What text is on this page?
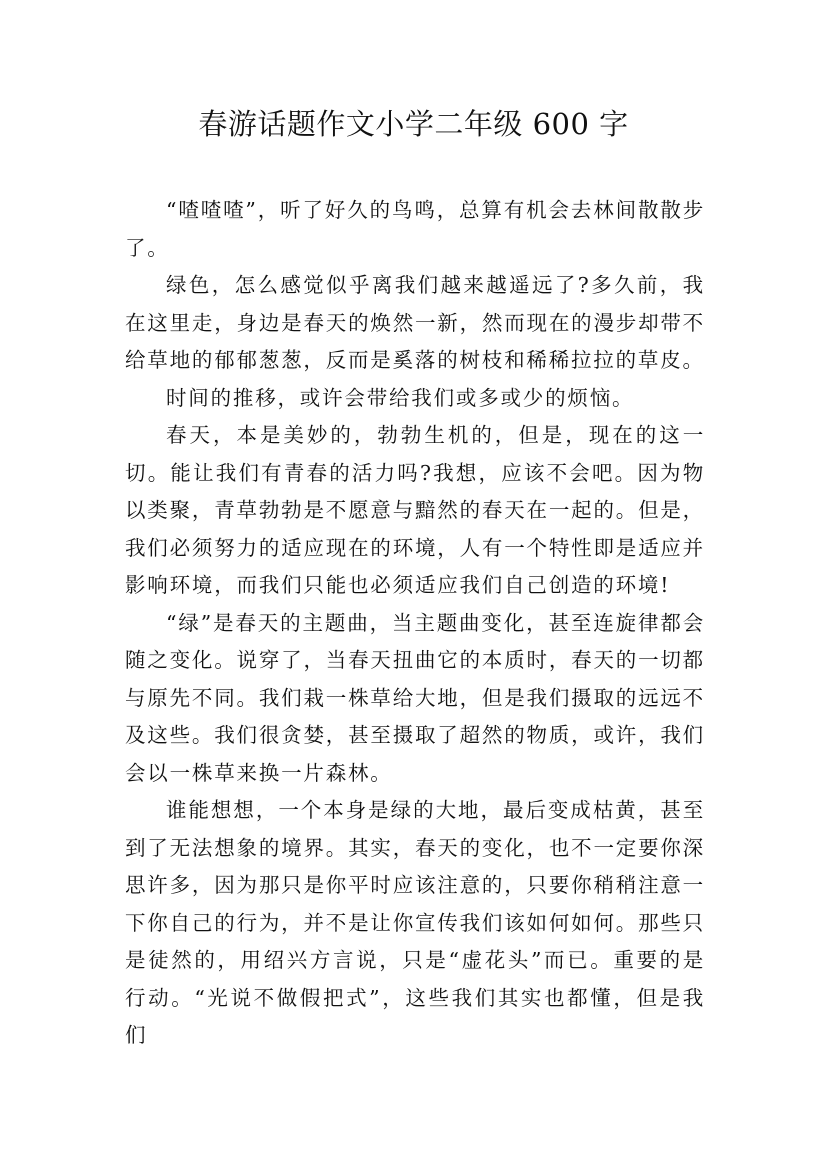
春游话题作文小学二年级 600 字

“喳喳喳”，听了好久的鸟鸣，总算有机会去林间散散步了。

绿色，怎么感觉似乎离我们越来越遥远了?多久前，我在这里走，身边是春天的焕然一新，然而现在的漫步却带不给草地的郁郁葱葱，反而是奚落的树枝和稀稀拉拉的草皮。

时间的推移，或许会带给我们或多或少的烦恼。

春天，本是美妙的，勃勃生机的，但是，现在的这一切。能让我们有青春的活力吗?我想，应该不会吧。因为物以类聚，青草勃勃是不愿意与黯然的春天在一起的。但是，我们必须努力的适应现在的环境，人有一个特性即是适应并影响环境，而我们只能也必须适应我们自己创造的环境!

“绿”是春天的主题曲，当主题曲变化，甚至连旋律都会随之变化。说穿了，当春天扭曲它的本质时，春天的一切都与原先不同。我们栽一株草给大地，但是我们摄取的远远不及这些。我们很贪婪，甚至摄取了超然的物质，或许，我们会以一株草来换一片森林。

谁能想想，一个本身是绿的大地，最后变成枯黄，甚至到了无法想象的境界。其实，春天的变化，也不一定要你深思许多，因为那只是你平时应该注意的，只要你稍稍注意一下你自己的行为，并不是让你宣传我们该如何如何。那些只是徒然的，用绍兴方言说，只是“虚花头”而已。重要的是行动。“光说不做假把式”，这些我们其实也都懂，但是我们
